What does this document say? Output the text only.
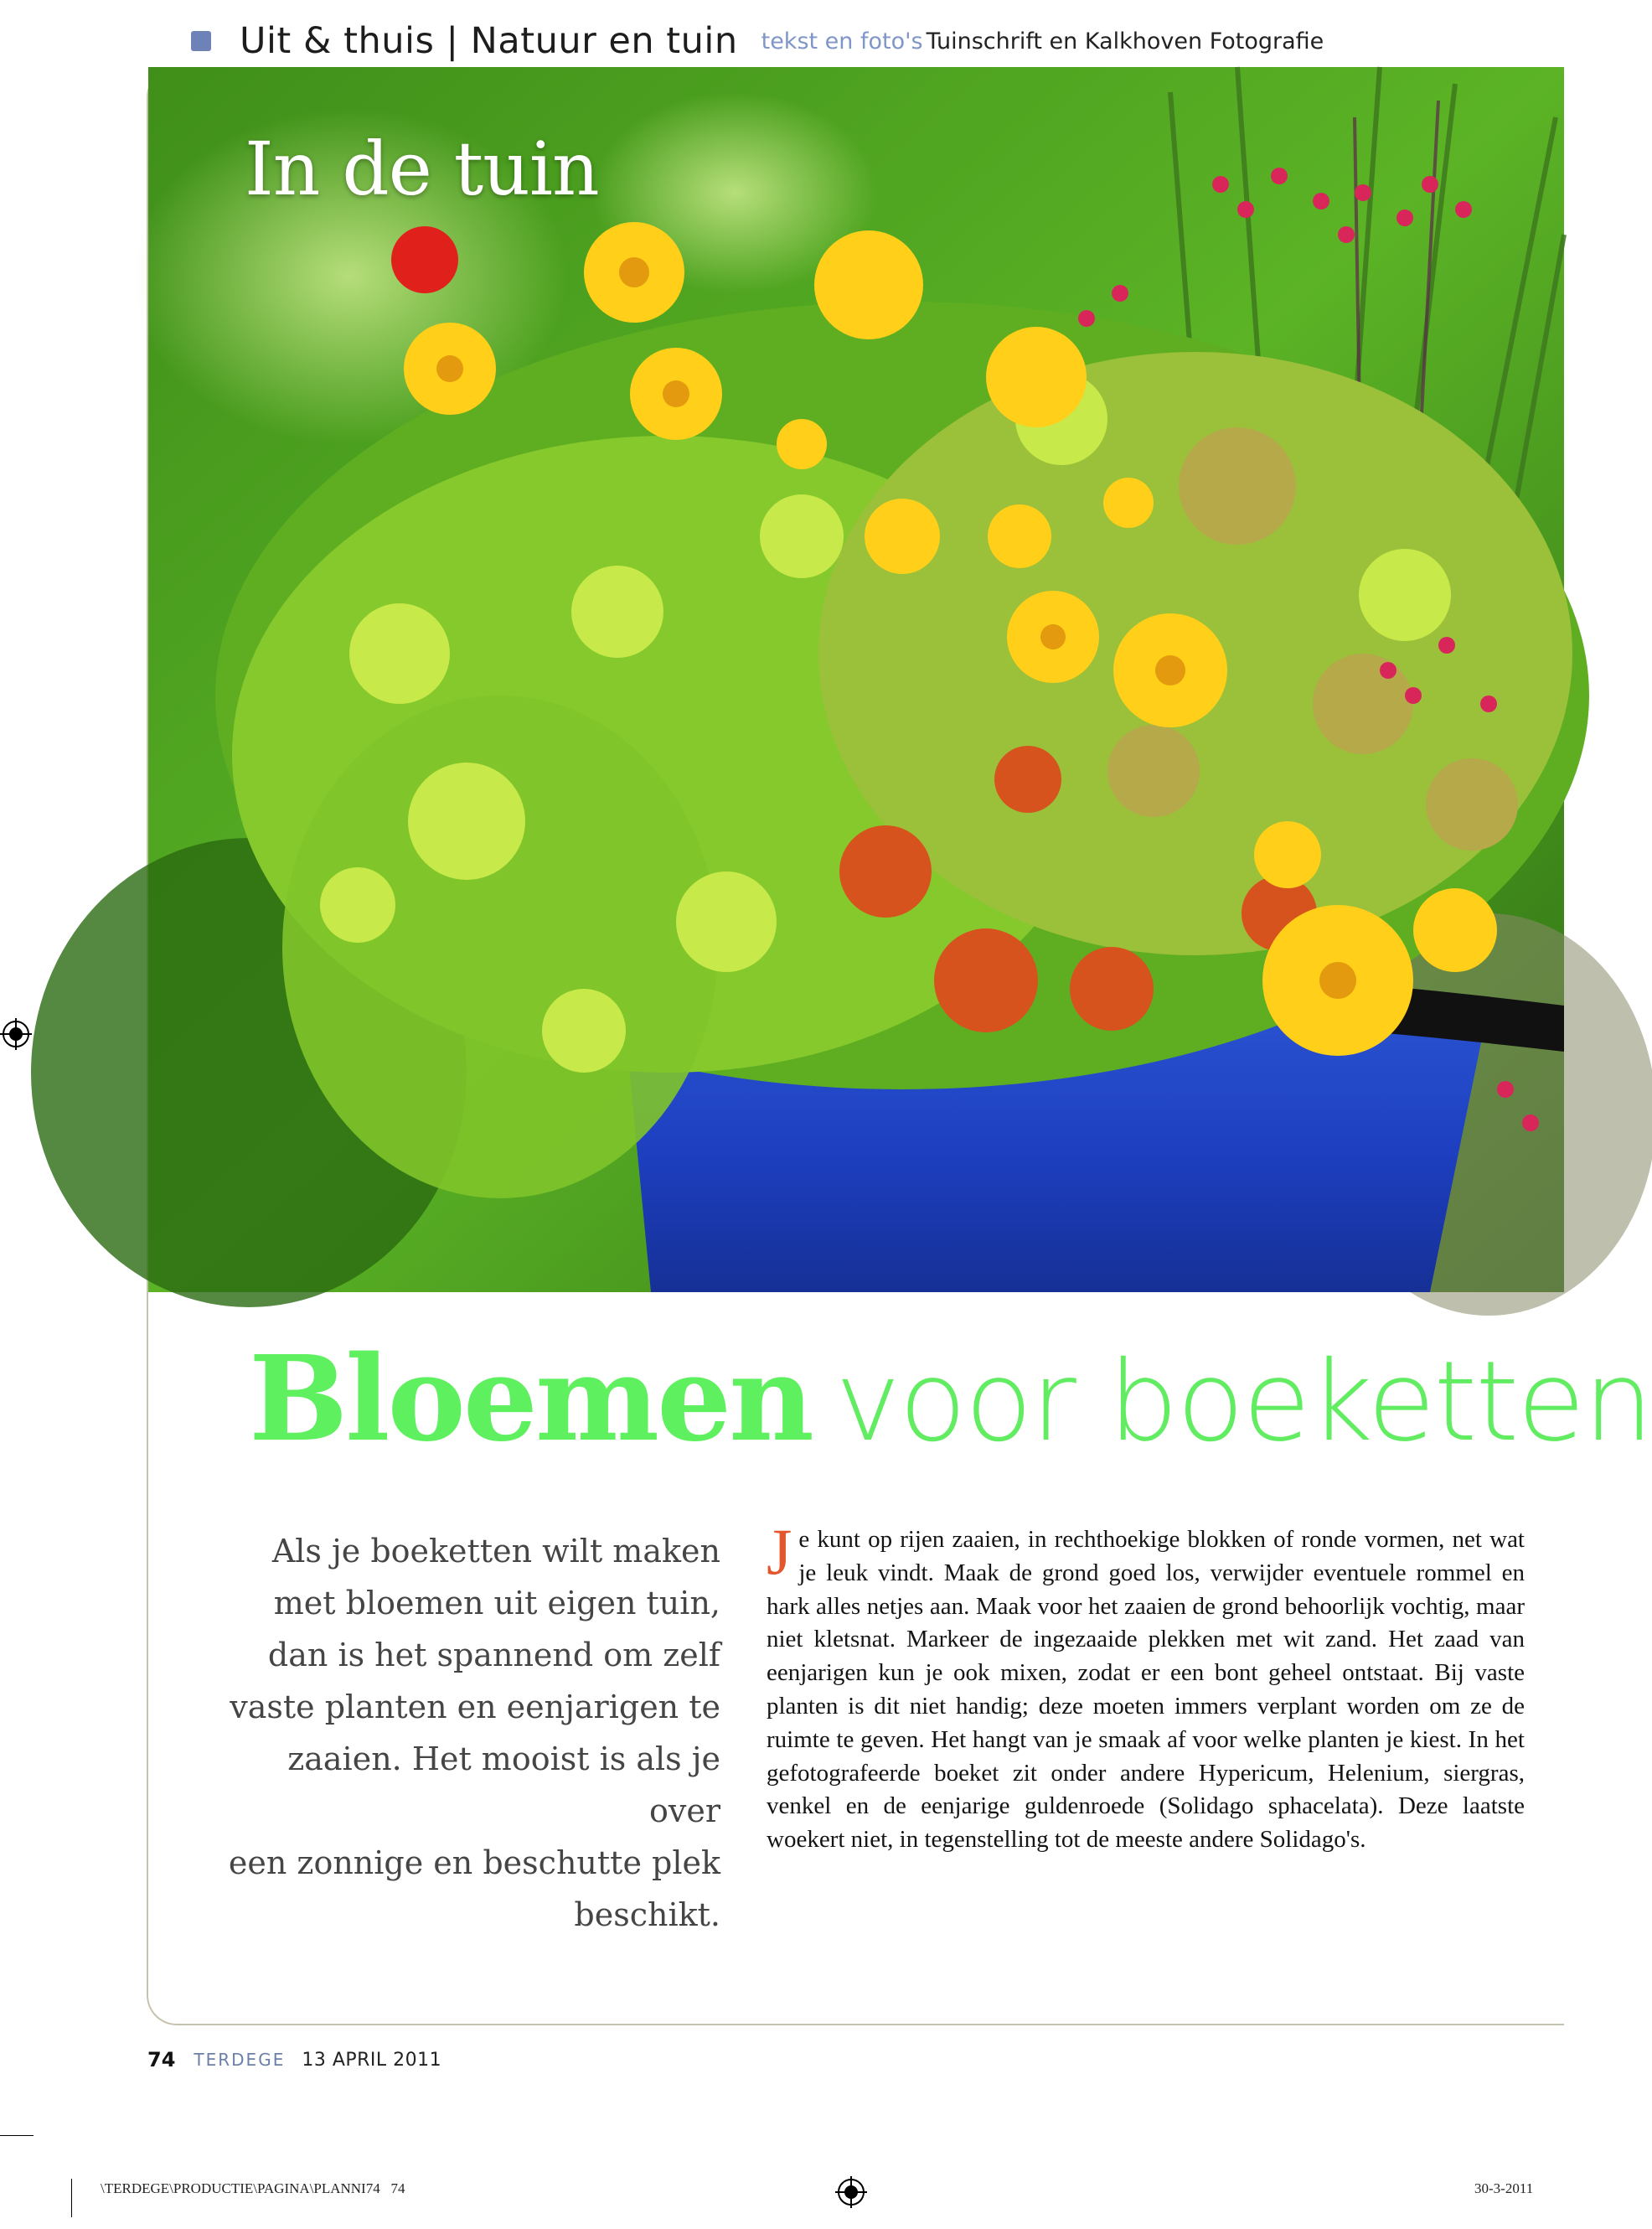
Uit & thuis | Natuur en tuin tekst en foto's Tuinschrift en Kalkhoven Fotografie
In de tuin
Bloemen voor boeketten
Als je boeketten wilt maken
met bloemen uit eigen tuin,
dan is het spannend om zelf
vaste planten en eenjarigen te
zaaien. Het mooist is als je over
een zonnige en beschutte plek
beschikt.
Je kunt op rijen zaaien, in rechthoekige blokken of ronde vormen, net wat je leuk vindt. Maak de grond goed los, verwijder eventuele rommel en hark alles netjes aan. Maak voor het zaaien de grond behoorlijk vochtig, maar niet kletsnat. Markeer de ingezaaide plekken met wit zand. Het zaad van eenjarigen kun je ook mixen, zodat er een bont geheel ontstaat. Bij vaste planten is dit niet handig; deze moeten immers verplant worden om ze de ruimte te geven. Het hangt van je smaak af voor welke planten je kiest. In het gefotografeerde boeket zit onder andere Hypericum, Helenium, siergras, venkel en de eenjarige guldenroede (Solidago sphacelata). Deze laatste woekert niet, in tegenstelling tot de meeste andere Solidago's.
74 TERDEGE 13 APRIL 2011
\TERDEGE\PRODUCTIE\PAGINA\PLANNI74 74	30-3-2011
